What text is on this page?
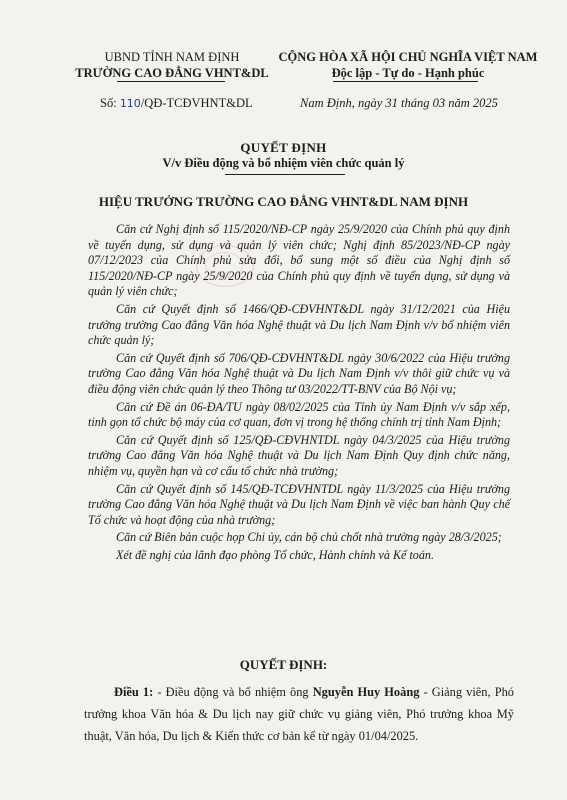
UBND TỈNH NAM ĐỊNH
TRƯỜNG CAO ĐẲNG VHNT&DL
CỘNG HÒA XÃ HỘI CHỦ NGHĨA VIỆT NAM
Độc lập - Tự do - Hạnh phúc
Số: 110/QĐ-TCĐVHNT&DL	Nam Định, ngày 31 tháng 03 năm 2025
QUYẾT ĐỊNH
V/v Điều động và bổ nhiệm viên chức quản lý
HIỆU TRƯỞNG TRƯỜNG CAO ĐẲNG VHNT&DL NAM ĐỊNH

Căn cứ Nghị định số 115/2020/NĐ-CP ngày 25/9/2020 của Chính phủ quy định về tuyển dụng, sử dụng và quản lý viên chức; Nghị định 85/2023/NĐ-CP ngày 07/12/2023 của Chính phủ sửa đổi, bổ sung một số điều của Nghị định số 115/2020/NĐ-CP ngày 25/9/2020 của Chính phủ quy định về tuyển dụng, sử dụng và quản lý viên chức;

Căn cứ Quyết định số 1466/QĐ-CĐVHNT&DL ngày 31/12/2021 của Hiệu trưởng trường Cao đẳng Văn hóa Nghệ thuật và Du lịch Nam Định v/v bổ nhiệm viên chức quản lý;

Căn cứ Quyết định số 706/QĐ-CĐVHNT&DL ngày 30/6/2022 của Hiệu trưởng trường Cao đẳng Văn hóa Nghệ thuật và Du lịch Nam Định v/v thôi giữ chức vụ và điều động viên chức quản lý theo Thông tư 03/2022/TT-BNV của Bộ Nội vụ;

Căn cứ Đề án 06-ĐA/TU ngày 08/02/2025 của Tỉnh ủy Nam Định v/v sắp xếp, tinh gọn tổ chức bộ máy của cơ quan, đơn vị trong hệ thống chính trị tỉnh Nam Định;

Căn cứ Quyết định số 125/QĐ-CĐVHNTDL ngày 04/3/2025 của Hiệu trưởng trường Cao đẳng Văn hóa Nghệ thuật và Du lịch Nam Định Quy định chức năng, nhiệm vụ, quyền hạn và cơ cấu tổ chức nhà trường;

Căn cứ Quyết định số 145/QĐ-TCĐVHNTDL ngày 11/3/2025 của Hiệu trưởng trường Cao đẳng Văn hóa Nghệ thuật và Du lịch Nam Định về việc ban hành Quy chế Tổ chức và hoạt động của nhà trường;

Căn cứ Biên bản cuộc họp Chi ủy, cán bộ chủ chốt nhà trường ngày 28/3/2025;

Xét đề nghị của lãnh đạo phòng Tổ chức, Hành chính và Kế toán.

QUYẾT ĐỊNH:

Điều 1: - Điều động và bổ nhiệm ông Nguyễn Huy Hoàng - Giảng viên, Phó trưởng khoa Văn hóa & Du lịch nay giữ chức vụ giảng viên, Phó trưởng khoa Mỹ thuật, Văn hóa, Du lịch & Kiến thức cơ bản kể từ ngày 01/04/2025.
